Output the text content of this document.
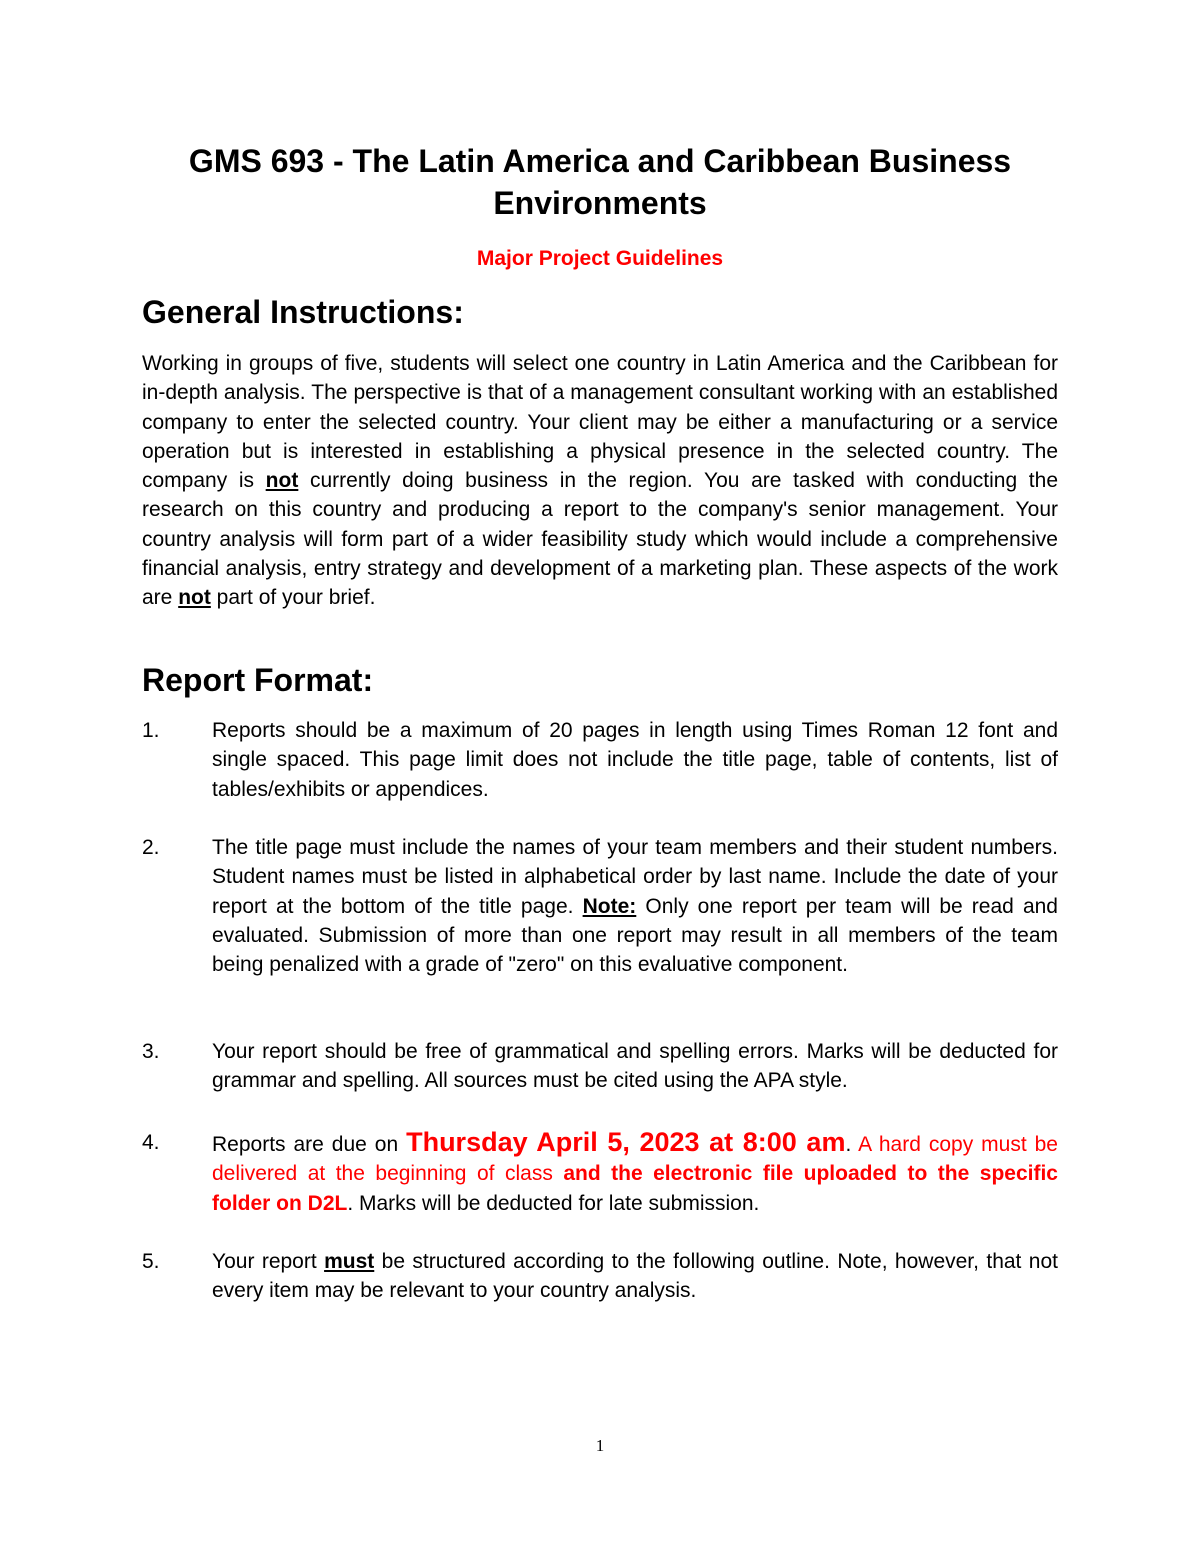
GMS 693 - The Latin America and Caribbean Business Environments
Major Project Guidelines
General Instructions:
Working in groups of five, students will select one country in Latin America and the Caribbean for in-depth analysis. The perspective is that of a management consultant working with an established company to enter the selected country. Your client may be either a manufacturing or a service operation but is interested in establishing a physical presence in the selected country. The company is not currently doing business in the region. You are tasked with conducting the research on this country and producing a report to the company's senior management. Your country analysis will form part of a wider feasibility study which would include a comprehensive financial analysis, entry strategy and development of a marketing plan. These aspects of the work are not part of your brief.
Report Format:
1. Reports should be a maximum of 20 pages in length using Times Roman 12 font and single spaced. This page limit does not include the title page, table of contents, list of tables/exhibits or appendices.
2. The title page must include the names of your team members and their student numbers. Student names must be listed in alphabetical order by last name. Include the date of your report at the bottom of the title page. Note: Only one report per team will be read and evaluated. Submission of more than one report may result in all members of the team being penalized with a grade of "zero" on this evaluative component.
3. Your report should be free of grammatical and spelling errors. Marks will be deducted for grammar and spelling. All sources must be cited using the APA style.
4. Reports are due on Thursday April 5, 2023 at 8:00 am. A hard copy must be delivered at the beginning of class and the electronic file uploaded to the specific folder on D2L. Marks will be deducted for late submission.
5. Your report must be structured according to the following outline. Note, however, that not every item may be relevant to your country analysis.
1
